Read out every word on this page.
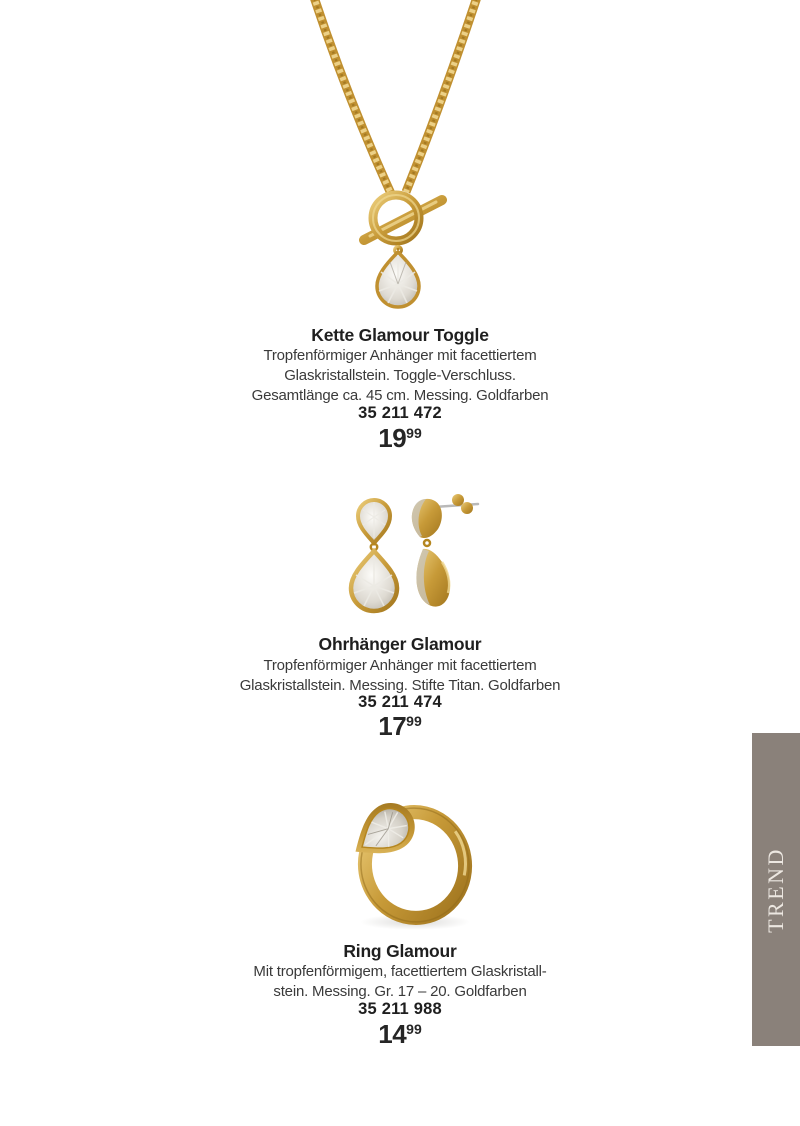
Kette Glamour Toggle
Tropfenförmiger Anhänger mit facettiertem
Glaskristallstein. Toggle-Verschluss.
Gesamtlänge ca. 45 cm. Messing. Goldfarben
35 211 472
$19^{99}$
Ohrhänger Glamour
Tropfenförmiger Anhänger mit facettiertem
Glaskristallstein. Messing. Stifte Titan. Goldfarben
35 211 474
$17^{99}$
Ring Glamour
Mit tropfenförmigem, facettiertem Glaskristall-
stein. Messing. Gr. 17 – 20. Goldfarben
35 211 988
$14^{99}$
TREND
